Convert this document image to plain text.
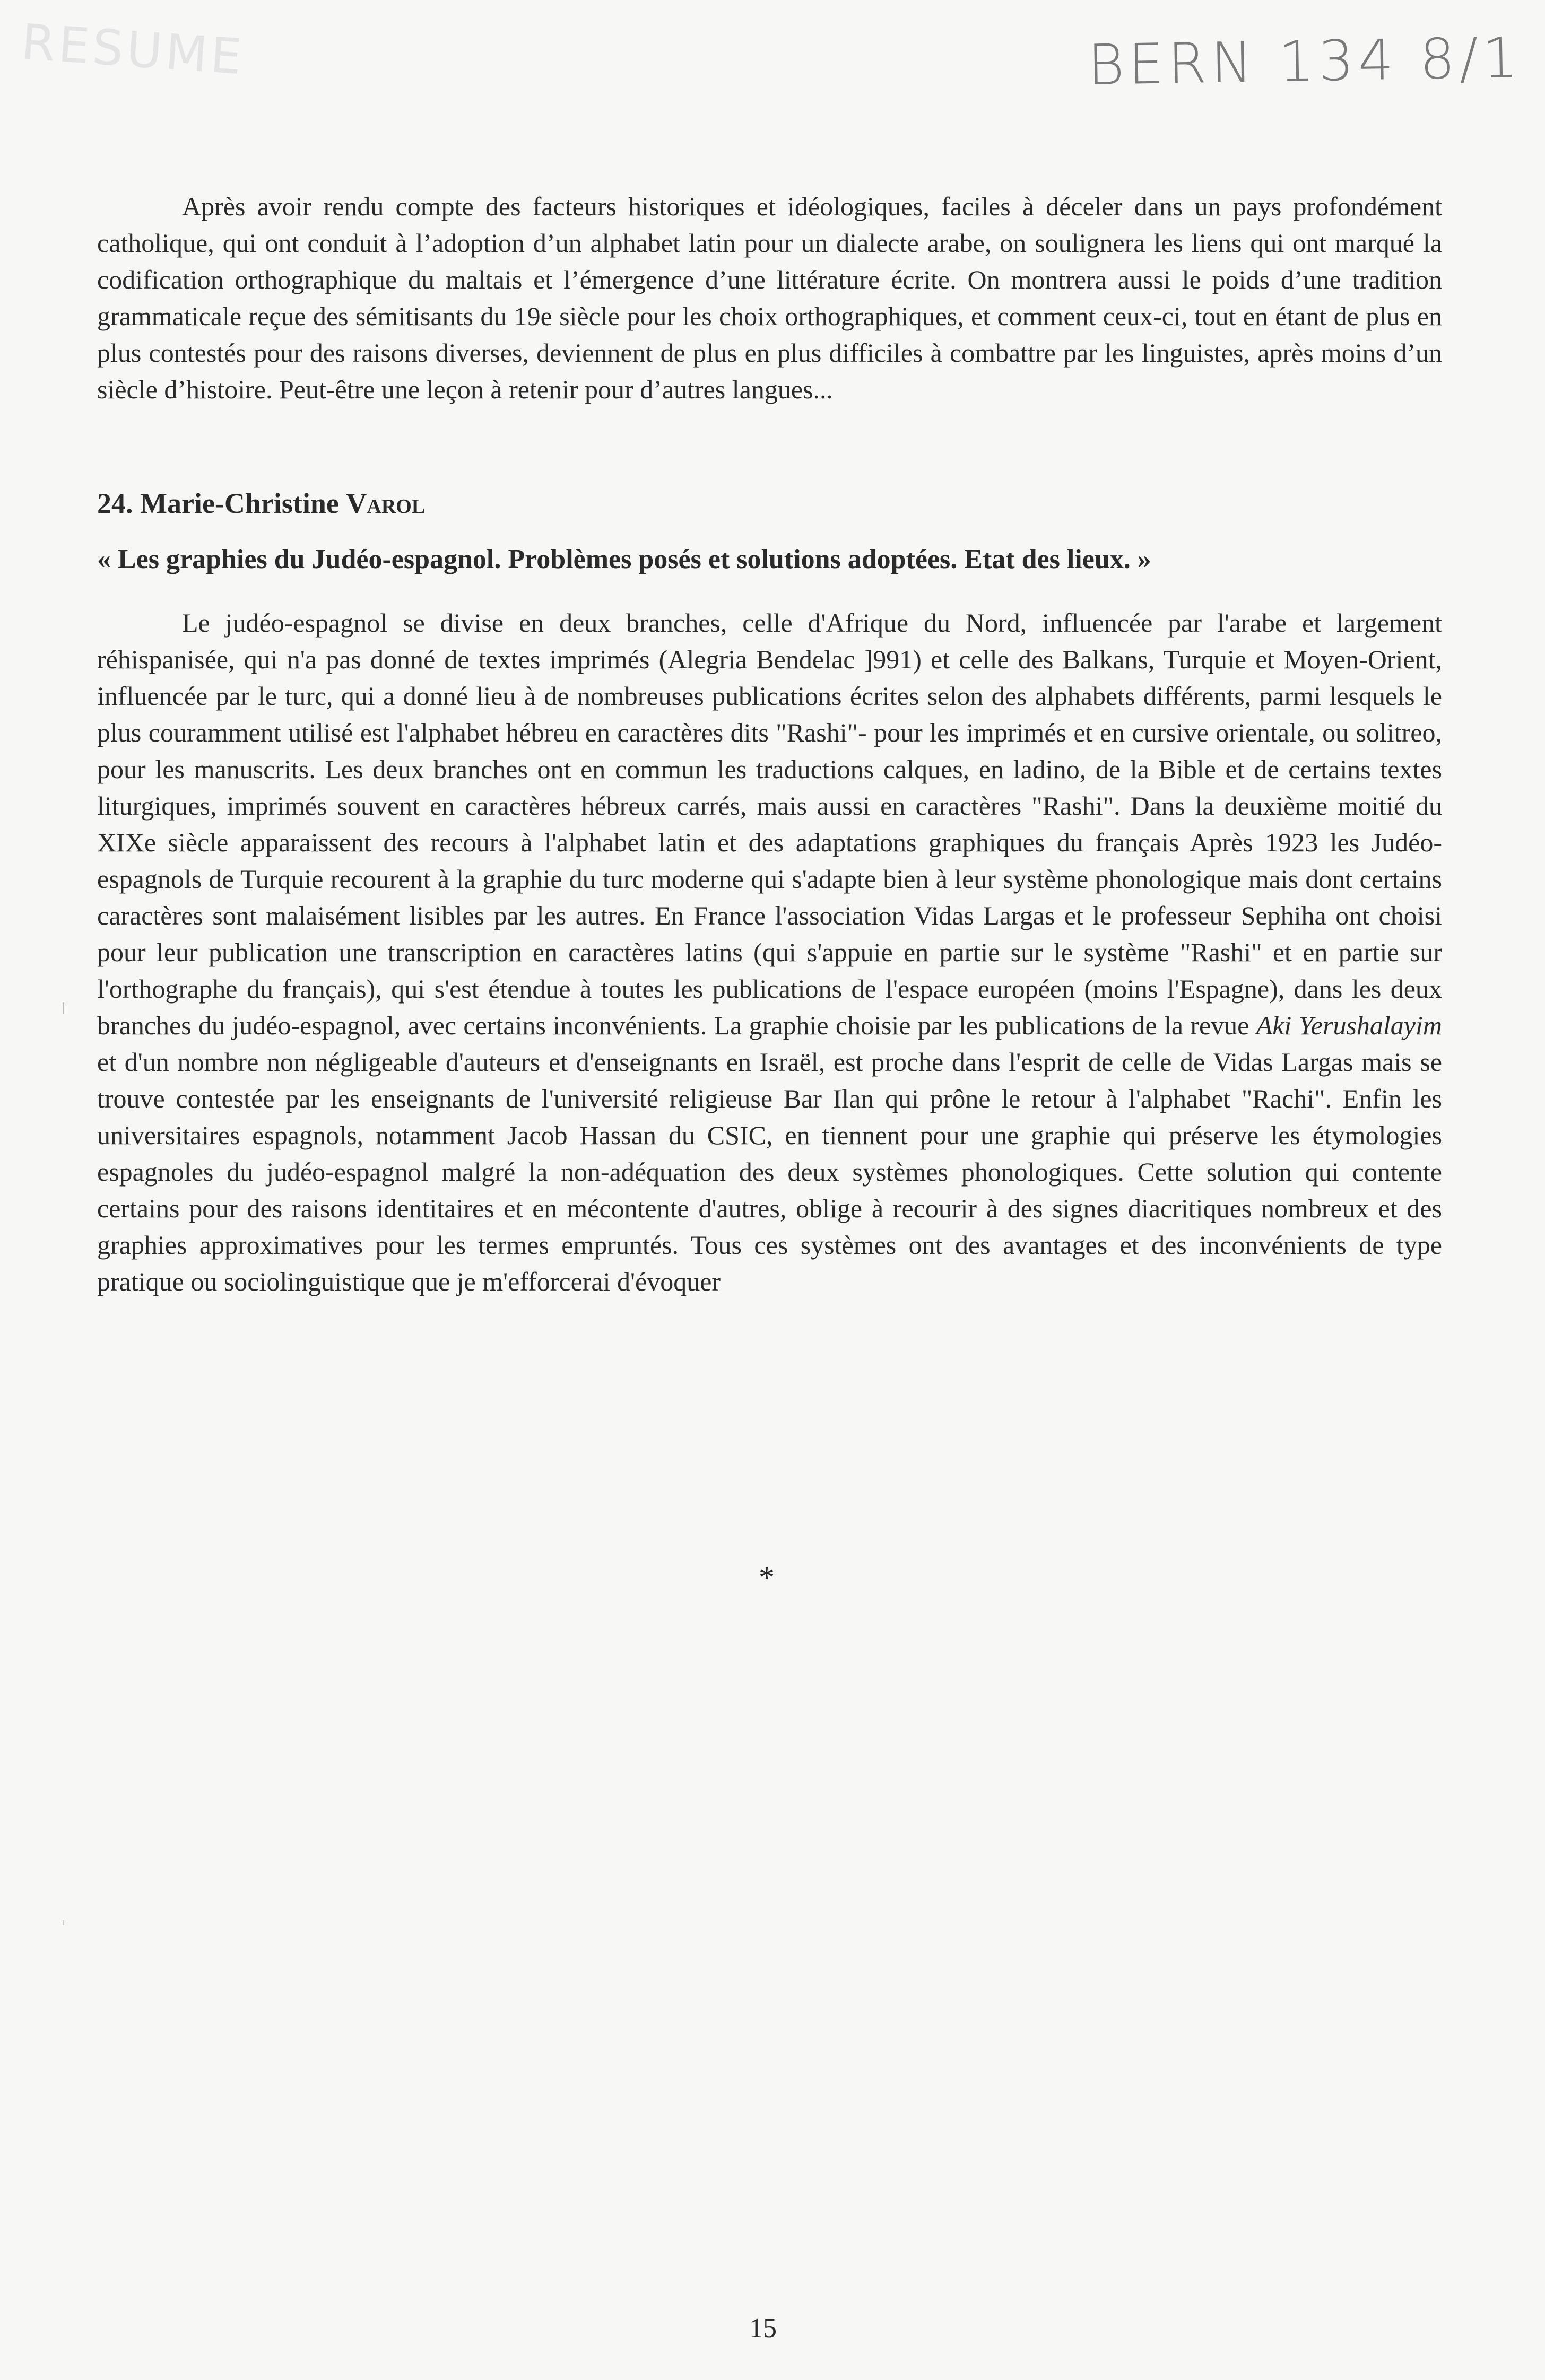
RESUME	BERN 134 8/1

Après avoir rendu compte des facteurs historiques et idéologiques, faciles à déceler dans un pays profondément catholique, qui ont conduit à l’adoption d’un alphabet latin pour un dialecte arabe, on soulignera les liens qui ont marqué la codification orthographique du maltais et l’émergence d’une littérature écrite. On montrera aussi le poids d’une tradition grammaticale reçue des sémitisants du 19e siècle pour les choix orthographiques, et comment ceux-ci, tout en étant de plus en plus contestés pour des raisons diverses, deviennent de plus en plus difficiles à combattre par les linguistes, après moins d’un siècle d’histoire. Peut-être une leçon à retenir pour d’autres langues...

24. Marie-Christine Varol
« Les graphies du Judéo-espagnol. Problèmes posés et solutions adoptées. Etat des lieux. »

Le judéo-espagnol se divise en deux branches, celle d'Afrique du Nord, influencée par l'arabe et largement réhispanisée, qui n'a pas donné de textes imprimés (Alegria Bendelac ]991) et celle des Balkans, Turquie et Moyen-Orient, influencée par le turc, qui a donné lieu à de nombreuses publications écrites selon des alphabets différents, parmi lesquels le plus couramment utilisé est l'alphabet hébreu en caractères dits "Rashi"- pour les imprimés et en cursive orientale, ou solitreo, pour les manuscrits. Les deux branches ont en commun les traductions calques, en ladino, de la Bible et de certains textes liturgiques, imprimés souvent en caractères hébreux carrés, mais aussi en caractères "Rashi". Dans la deuxième moitié du XIXe siècle apparaissent des recours à l'alphabet latin et des adaptations graphiques du français Après 1923 les Judéo-espagnols de Turquie recourent à la graphie du turc moderne qui s'adapte bien à leur système phonologique mais dont certains caractères sont malaisément lisibles par les autres. En France l'association Vidas Largas et le professeur Sephiha ont choisi pour leur publication une transcription en caractères latins (qui s'appuie en partie sur le système "Rashi" et en partie sur l'orthographe du français), qui s'est étendue à toutes les publications de l'espace européen (moins l'Espagne), dans les deux branches du judéo-espagnol, avec certains inconvénients. La graphie choisie par les publications de la revue Aki Yerushalayim et d'un nombre non négligeable d'auteurs et d'enseignants en Israël, est proche dans l'esprit de celle de Vidas Largas mais se trouve contestée par les enseignants de l'université religieuse Bar Ilan qui prône le retour à l'alphabet "Rachi". Enfin les universitaires espagnols, notamment Jacob Hassan du CSIC, en tiennent pour une graphie qui préserve les étymologies espagnoles du judéo-espagnol malgré la non-adéquation des deux systèmes phonologiques. Cette solution qui contente certains pour des raisons identitaires et en mécontente d'autres, oblige à recourir à des signes diacritiques nombreux et des graphies approximatives pour les termes empruntés. Tous ces systèmes ont des avantages et des inconvénients de type pratique ou sociolinguistique que je m'efforcerai d'évoquer

*
15
